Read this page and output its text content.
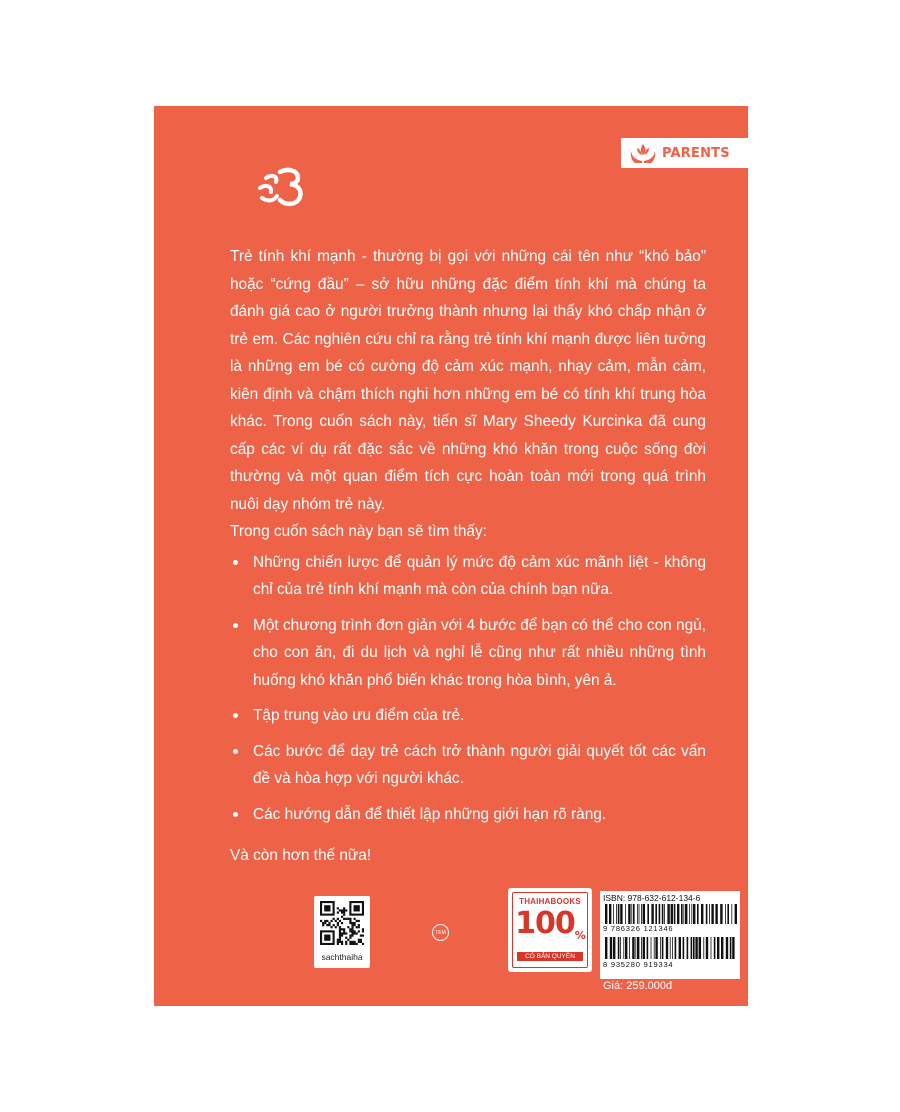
PARENTS

Trẻ tính khí mạnh - thường bị gọi với những cái tên như “khó bảo” hoặc “cứng đầu” – sở hữu những đặc điểm tính khí mà chúng ta đánh giá cao ở người trưởng thành nhưng lại thấy khó chấp nhận ở trẻ em. Các nghiên cứu chỉ ra rằng trẻ tính khí mạnh được liên tưởng là những em bé có cường độ cảm xúc mạnh, nhạy cảm, mẫn cảm, kiên định và chậm thích nghi hơn những em bé có tính khí trung hòa khác. Trong cuốn sách này, tiến sĩ Mary Sheedy Kurcinka đã cung cấp các ví dụ rất đặc sắc về những khó khăn trong cuộc sống đời thường và một quan điểm tích cực hoàn toàn mới trong quá trình nuôi dạy nhóm trẻ này.

Trong cuốn sách này bạn sẽ tìm thấy:

Những chiến lược để quản lý mức độ cảm xúc mãnh liệt - không chỉ của trẻ tính khí mạnh mà còn của chính bạn nữa.
Một chương trình đơn giản với 4 bước để bạn có thể cho con ngủ, cho con ăn, đi du lịch và nghỉ lễ cũng như rất nhiều những tình huống khó khăn phổ biến khác trong hòa bình, yên ả.
Tập trung vào ưu điểm của trẻ.
Các bước để dạy trẻ cách trở thành người giải quyết tốt các vấn đề và hòa hợp với người khác.
Các hướng dẫn để thiết lập những giới hạn rõ ràng.

Và còn hơn thế nữa!

sachthaiha
TEM
THAIHABOOKS
100%
CÓ BẢN QUYỀN
ISBN: 978-632-612-134-6
9 786326 121346
8 935280 919334
Giá: 259.000đ
